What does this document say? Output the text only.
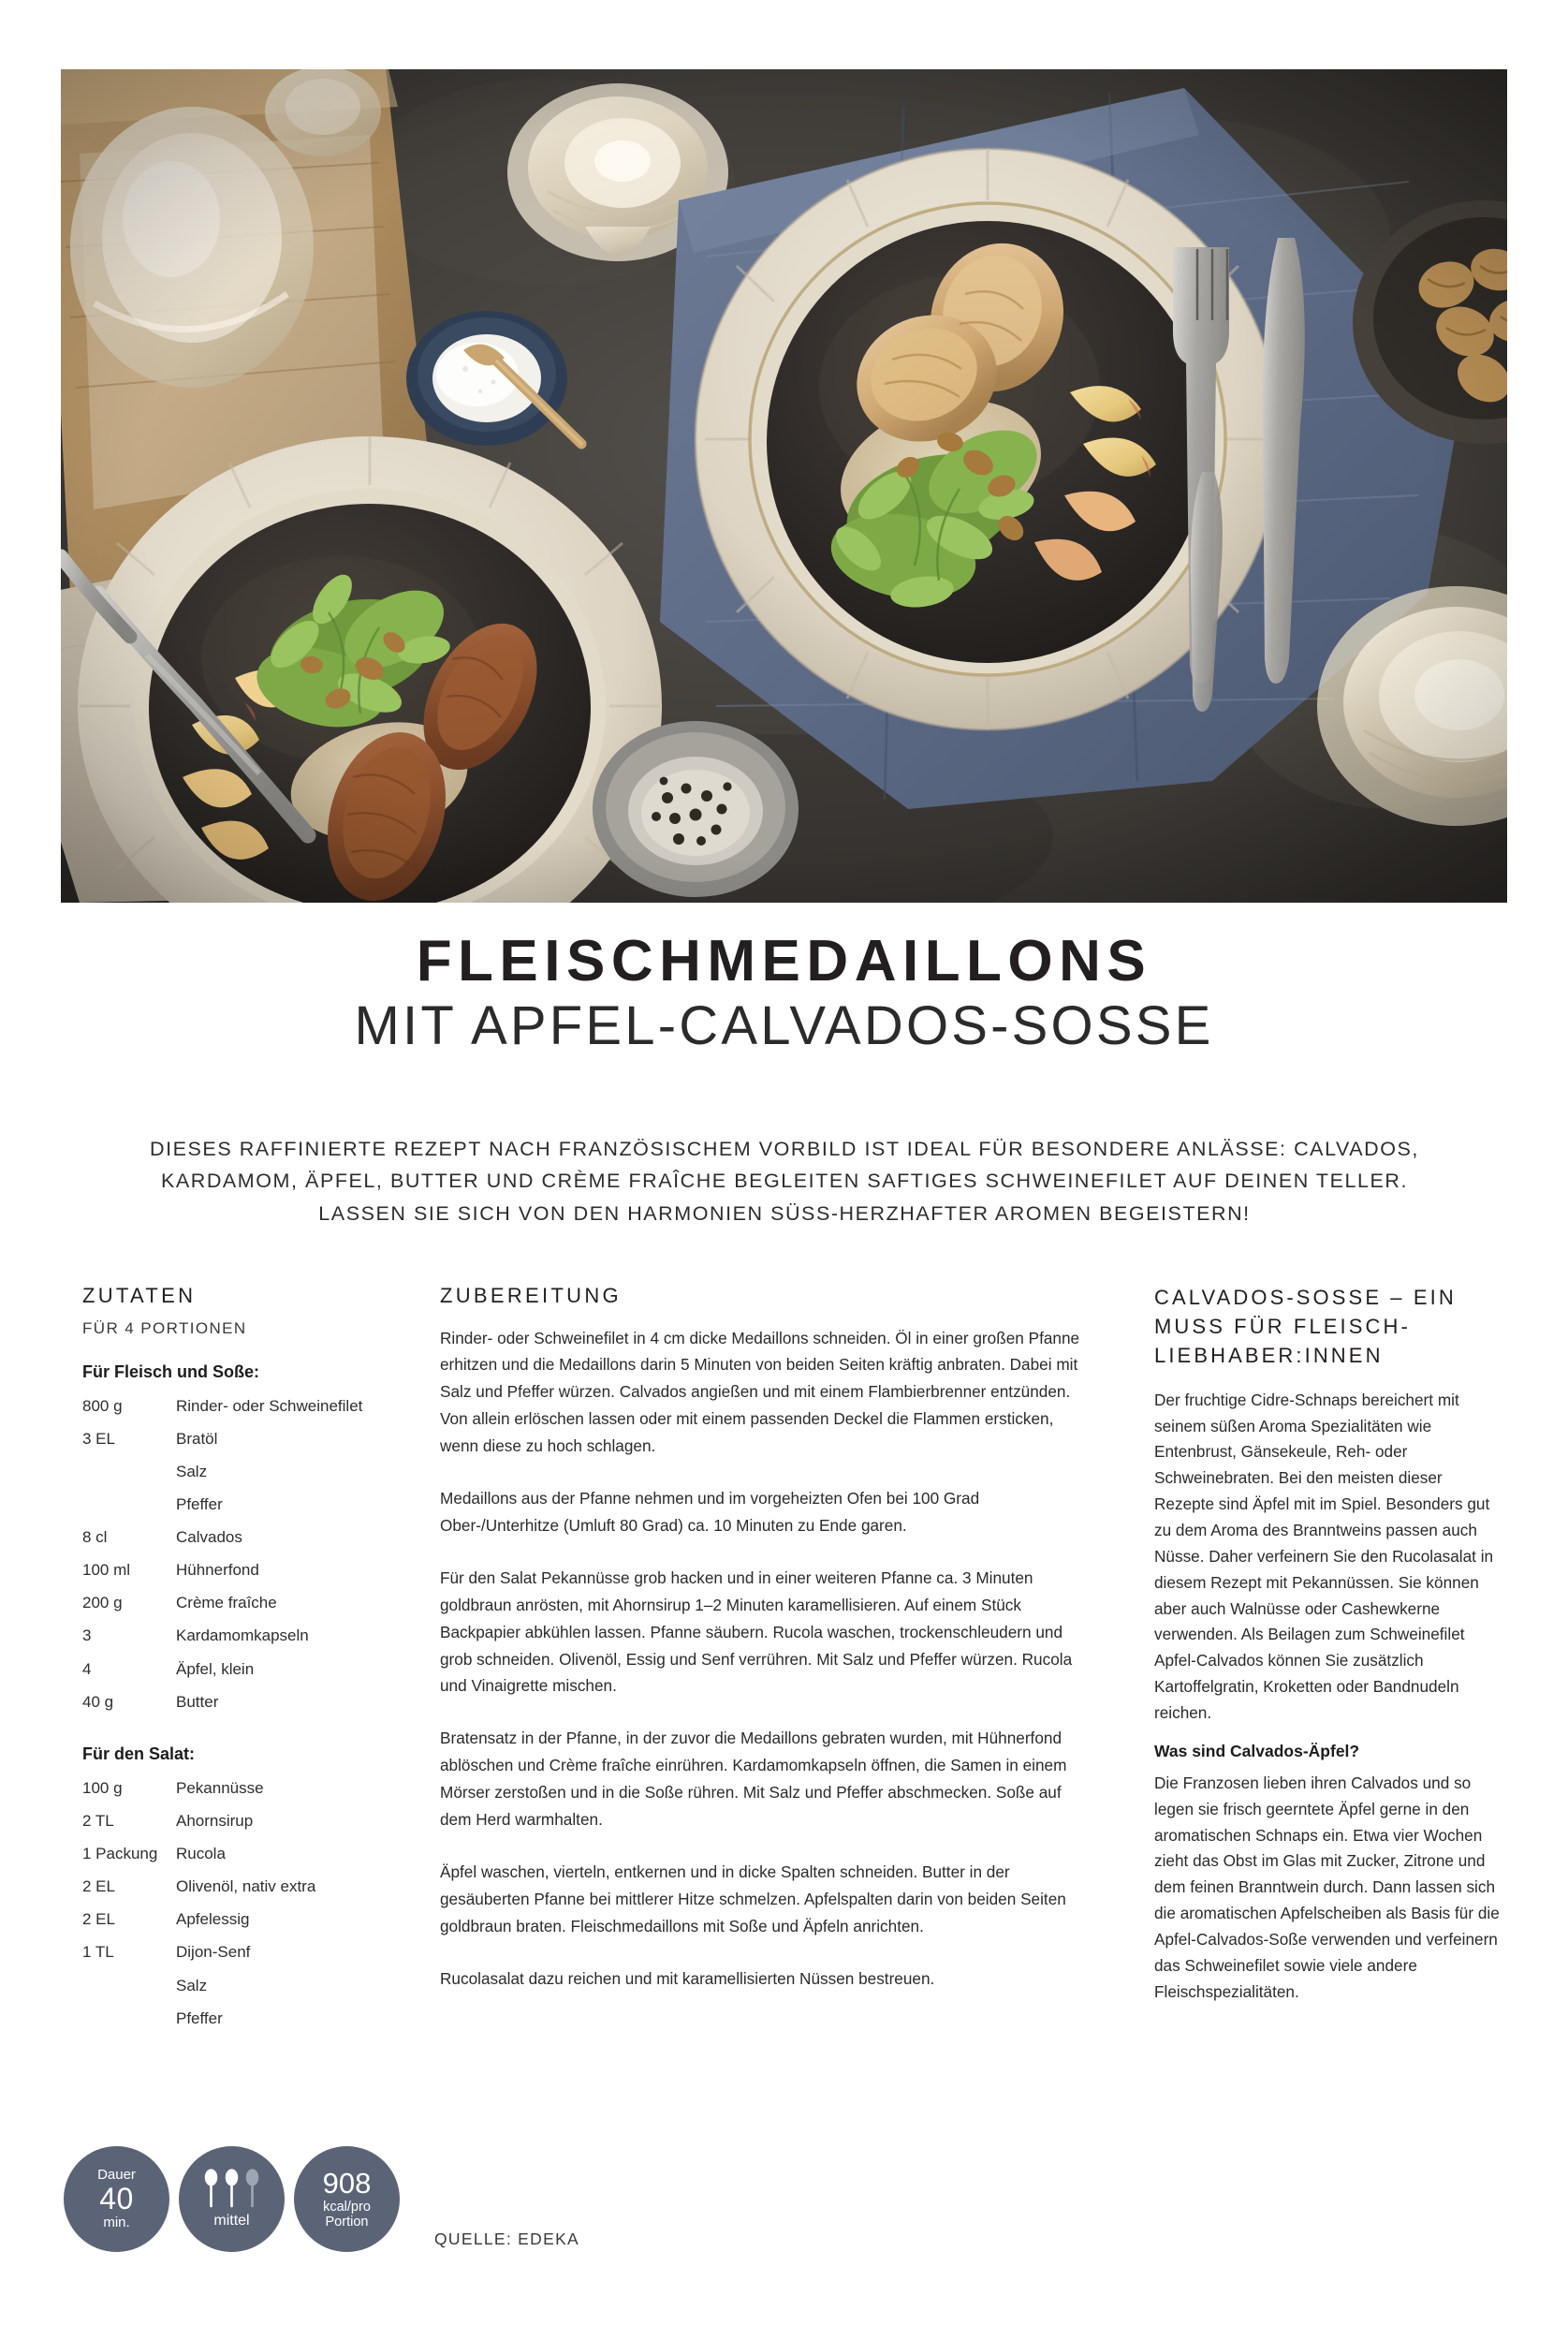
FLEISCHMEDAILLONS
MIT APFEL-CALVADOS-SOSSE

DIESES RAFFINIERTE REZEPT NACH FRANZÖSISCHEM VORBILD IST IDEAL FÜR BESONDERE ANLÄSSE: CALVADOS, KARDAMOM, ÄPFEL, BUTTER UND CRÈME FRAÎCHE BEGLEITEN SAFTIGES SCHWEINEFILET AUF DEINEN TELLER. LASSEN SIE SICH VON DEN HARMONIEN SÜSS-HERZHAFTER AROMEN BEGEISTERN!

ZUTATEN
FÜR 4 PORTIONEN
Für Fleisch und Soße:
800 g	Rinder- oder Schweinefilet
3 EL	Bratöl
	Salz
	Pfeffer
8 cl	Calvados
100 ml	Hühnerfond
200 g	Crème fraîche
3	Kardamomkapseln
4	Äpfel, klein
40 g	Butter
Für den Salat:
100 g	Pekannüsse
2 TL	Ahornsirup
1 Packung	Rucola
2 EL	Olivenöl, nativ extra
2 EL	Apfelessig
1 TL	Dijon-Senf
	Salz
	Pfeffer
ZUBEREITUNG

Rinder- oder Schweinefilet in 4 cm dicke Medaillons schneiden. Öl in einer großen Pfanne erhitzen und die Medaillons darin 5 Minuten von beiden Seiten kräftig anbraten. Dabei mit Salz und Pfeffer würzen. Calvados angießen und mit einem Flambierbrenner entzünden. Von allein erlöschen lassen oder mit einem passenden Deckel die Flammen ersticken, wenn diese zu hoch schlagen.

Medaillons aus der Pfanne nehmen und im vorgeheizten Ofen bei 100 Grad Ober-/Unterhitze (Umluft 80 Grad) ca. 10 Minuten zu Ende garen.

Für den Salat Pekannüsse grob hacken und in einer weiteren Pfanne ca. 3 Minuten goldbraun anrösten, mit Ahornsirup 1–2 Minuten karamellisieren. Auf einem Stück Backpapier abkühlen lassen. Pfanne säubern. Rucola waschen, trockenschleudern und grob schneiden. Olivenöl, Essig und Senf verrühren. Mit Salz und Pfeffer würzen. Rucola und Vinaigrette mischen.

Bratensatz in der Pfanne, in der zuvor die Medaillons gebraten wurden, mit Hühnerfond ablöschen und Crème fraîche einrühren. Kardamomkapseln öffnen, die Samen in einem Mörser zerstoßen und in die Soße rühren. Mit Salz und Pfeffer abschmecken. Soße auf dem Herd warmhalten.

Äpfel waschen, vierteln, entkernen und in dicke Spalten schneiden. Butter in der gesäuberten Pfanne bei mittlerer Hitze schmelzen. Apfelspalten darin von beiden Seiten goldbraun braten. Fleischmedaillons mit Soße und Äpfeln anrichten.

Rucolasalat dazu reichen und mit karamellisierten Nüssen bestreuen.

CALVADOS-SOSSE – EIN MUSS FÜR FLEISCH-LIEBHABER:INNEN

Der fruchtige Cidre-Schnaps bereichert mit seinem süßen Aroma Spezialitäten wie Entenbrust, Gänsekeule, Reh- oder Schweinebraten. Bei den meisten dieser Rezepte sind Äpfel mit im Spiel. Besonders gut zu dem Aroma des Branntweins passen auch Nüsse. Daher verfeinern Sie den Rucolasalat in diesem Rezept mit Pekannüssen. Sie können aber auch Walnüsse oder Cashewkerne verwenden. Als Beilagen zum Schweinefilet Apfel-Calvados können Sie zusätzlich Kartoffelgratin, Kroketten oder Bandnudeln reichen.

Was sind Calvados-Äpfel?

Die Franzosen lieben ihren Calvados und so legen sie frisch geerntete Äpfel gerne in den aromatischen Schnaps ein. Etwa vier Wochen zieht das Obst im Glas mit Zucker, Zitrone und dem feinen Branntwein durch. Dann lassen sich die aromatischen Apfelscheiben als Basis für die Apfel-Calvados-Soße verwenden und verfeinern das Schweinefilet sowie viele andere Fleischspezialitäten.

Dauer
40
min.	mittel
908
kcal/pro
Portion
QUELLE: EDEKA
